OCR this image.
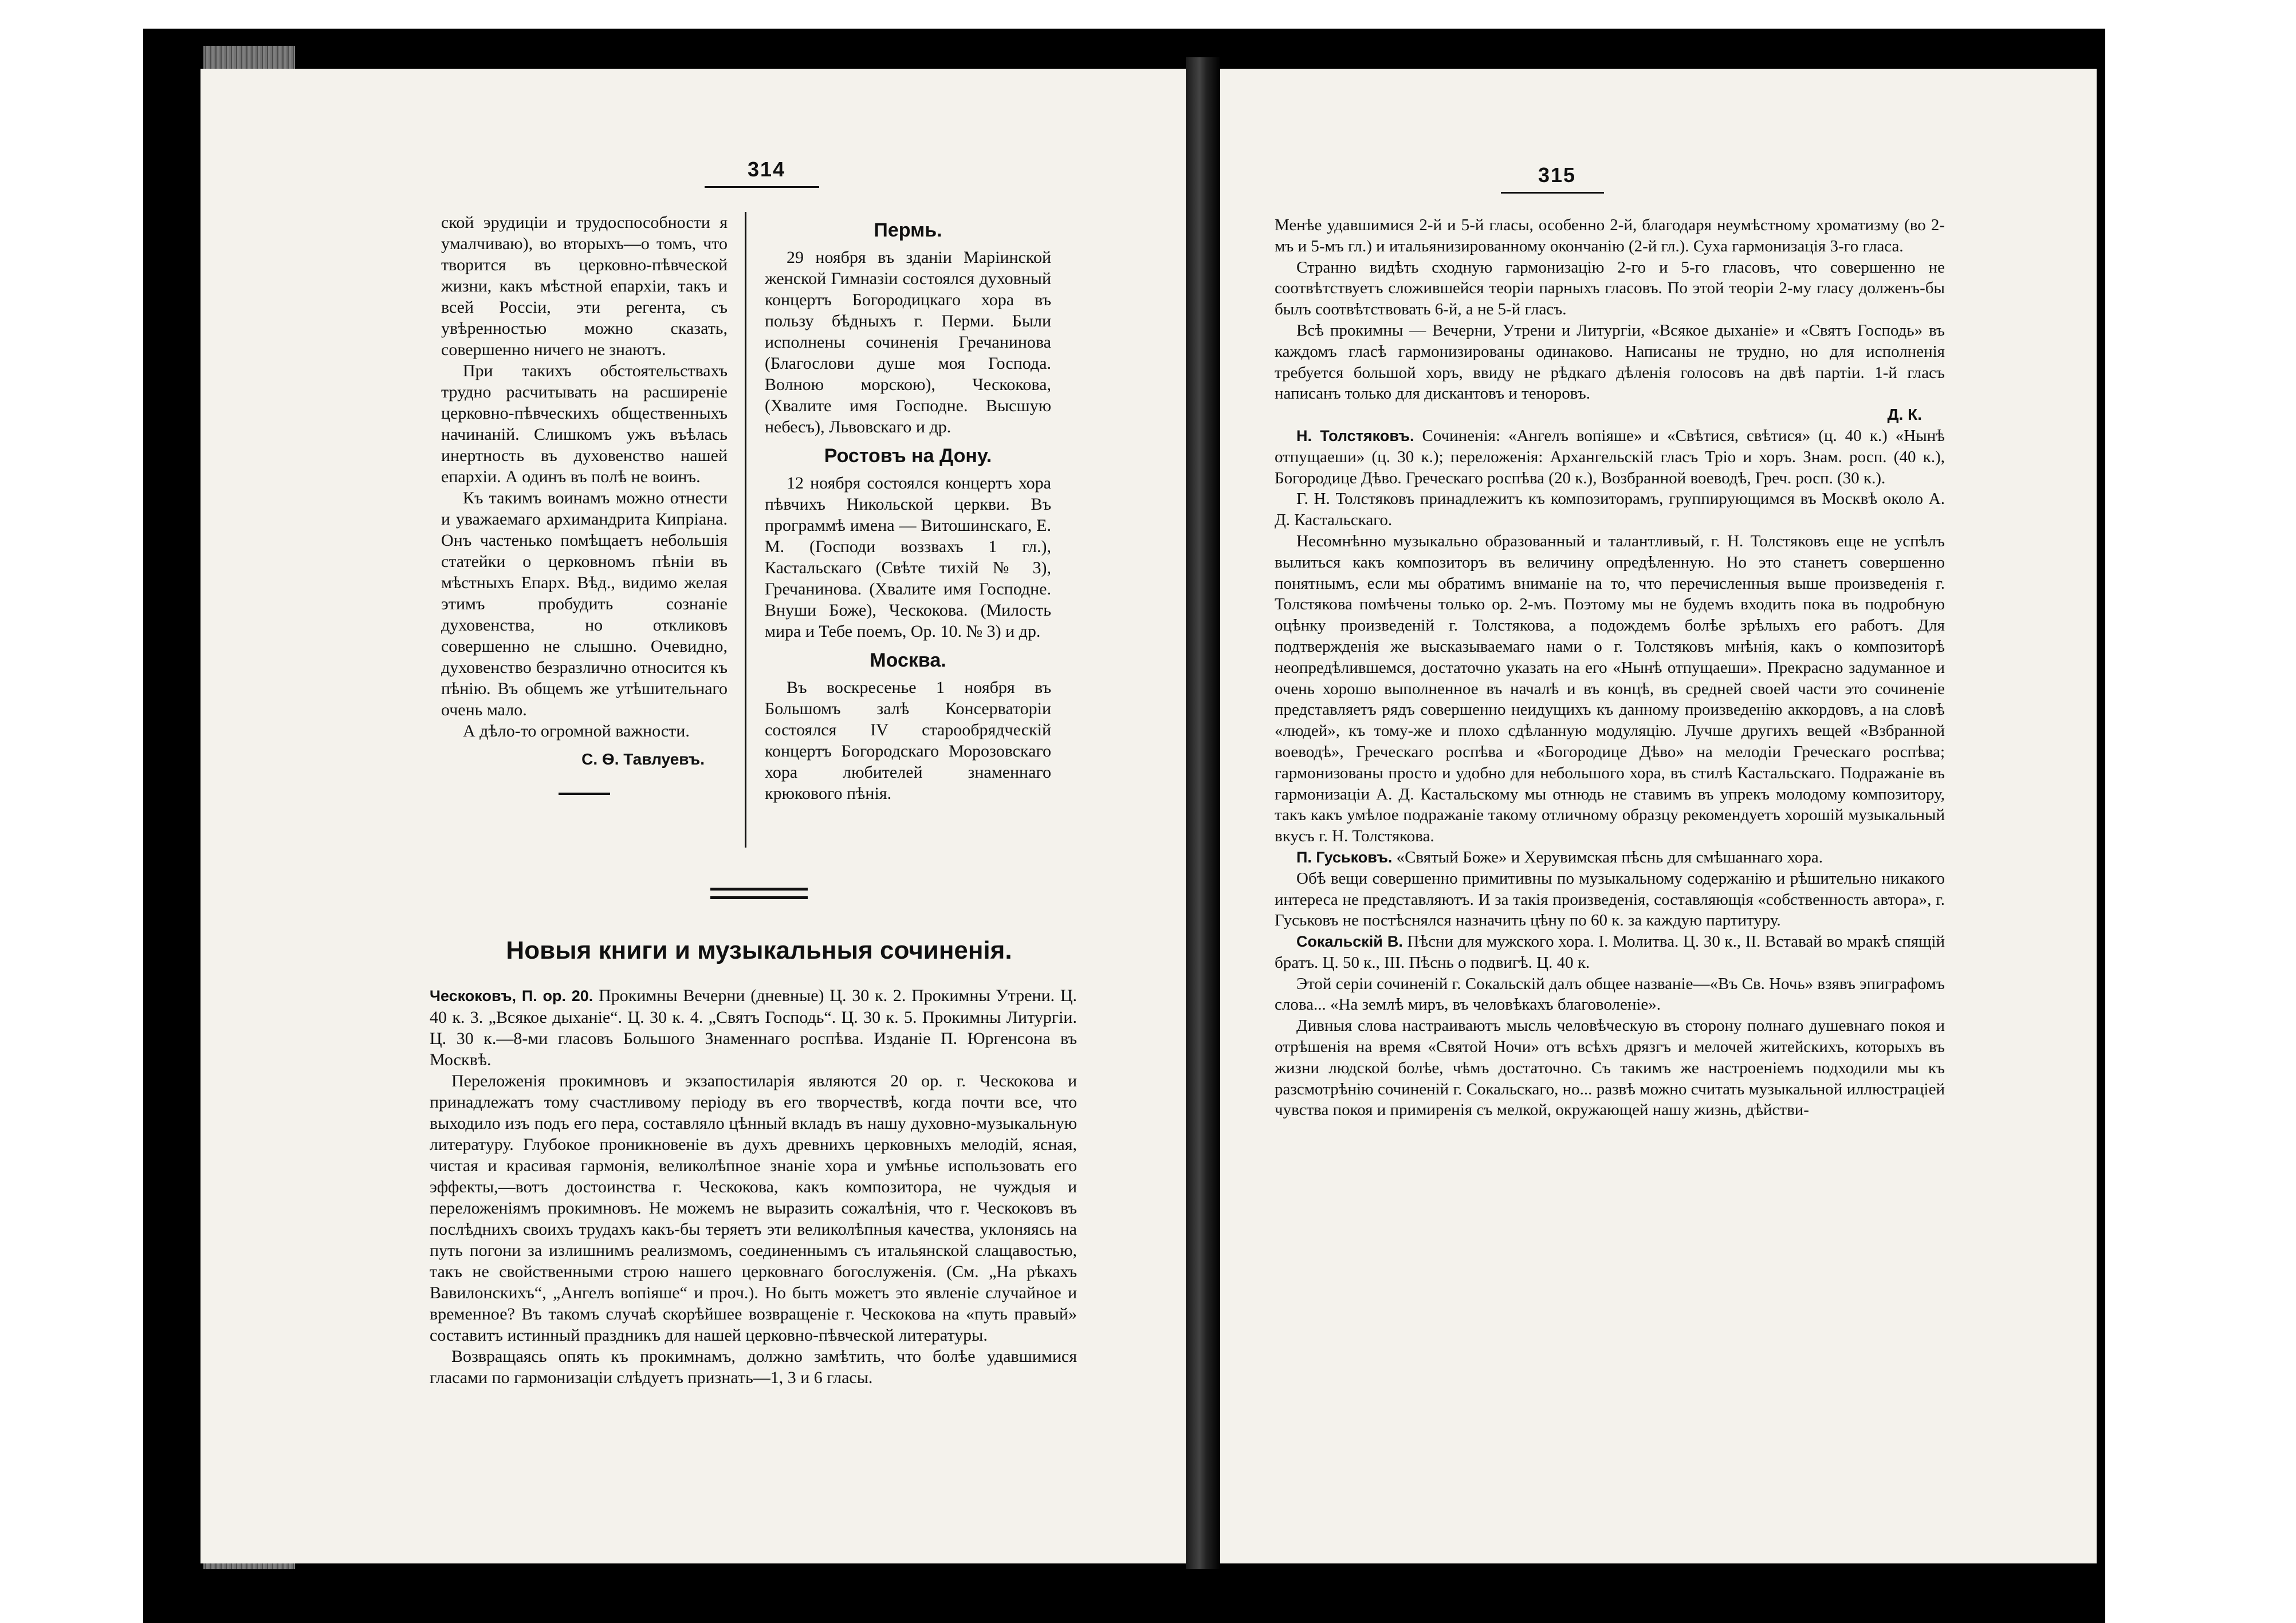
314

ской эрудиціи и трудоспособности я умалчиваю), во вторыхъ—о томъ, что творится въ церковно-пѣвческой жизни, какъ мѣстной епархіи, такъ и всей Россіи, эти регента, съ увѣренностью можно сказать, совершенно ничего не знаютъ.

При такихъ обстоятельствахъ трудно расчитывать на расширеніе церковно-пѣвческихъ общественныхъ начинаній. Слишкомъ ужъ въѣлась инертность въ духовенство нашей епархіи. А одинъ въ полѣ не воинъ.

Къ такимъ воинамъ можно отнести и уважаемаго архимандрита Кипріана. Онъ частенько помѣщаетъ небольшія статейки о церковномъ пѣніи въ мѣстныхъ Епарх. Вѣд., видимо желая этимъ пробудить сознаніе духовенства, но откликовъ совершенно не слышно. Очевидно, духовенство безразлично относится къ пѣнію. Въ общемъ же утѣшительнаго очень мало.

А дѣло-то огромной важности.

С. Ѳ. Тавлуевъ.
Пермь.

29 ноября въ зданіи Маріинской женской Гимназіи состоялся духовный концертъ Богородицкаго хора въ пользу бѣдныхъ г. Перми. Были исполнены сочиненія Гречанинова (Благослови душе моя Господа. Волною морскою), Ческокова, (Хвалите имя Господне. Высшую небесъ), Львовскаго и др.

Ростовъ на Дону.

12 ноября состоялся концертъ хора пѣвчихъ Никольской церкви. Въ программѣ имена — Витошинскаго, Е. М. (Господи воззвахъ 1 гл.), Кастальскаго (Свѣте тихій № 3), Гречанинова. (Хвалите имя Господне. Внуши Боже), Ческокова. (Милость мира и Тебе поемъ, Ор. 10. № 3) и др.

Москва.

Въ воскресенье 1 ноября въ Большомъ залѣ Консерваторіи состоялся IV старообрядческій концертъ Богородскаго Морозовскаго хора любителей знаменнаго крюкового пѣнія.

Новыя книги и музыкальныя сочиненія.

Ческоковъ, П. ор. 20. Прокимны Вечерни (дневные) Ц. 30 к. 2. Прокимны Утрени. Ц. 40 к. 3. „Всякое дыханіе“. Ц. 30 к. 4. „Святъ Господь“. Ц. 30 к. 5. Прокимны Литургіи. Ц. 30 к.—8-ми гласовъ Большого Знаменнаго роспѣва. Изданіе П. Юргенсона въ Москвѣ.

Переложенія прокимновъ и экзапостиларія являются 20 ор. г. Ческокова и принадлежатъ тому счастливому періоду въ его творчествѣ, когда почти все, что выходило изъ подъ его пера, составляло цѣнный вкладъ въ нашу духовно-музыкальную литературу. Глубокое проникновеніе въ духъ древнихъ церковныхъ мелодій, ясная, чистая и красивая гармонія, великолѣпное знаніе хора и умѣнье использовать его эффекты,—вотъ достоинства г. Ческокова, какъ композитора, не чуждыя и переложеніямъ прокимновъ. Не можемъ не выразить сожалѣнія, что г. Ческоковъ въ послѣднихъ своихъ трудахъ какъ-бы теряетъ эти великолѣпныя качества, уклоняясь на путь погони за излишнимъ реализмомъ, соединеннымъ съ итальянской слащавостью, такъ не свойственными строю нашего церковнаго богослуженія. (См. „На рѣкахъ Вавилонскихъ“, „Ангелъ вопіяше“ и проч.). Но быть можетъ это явленіе случайное и временное? Въ такомъ случаѣ скорѣйшее возвращеніе г. Ческокова на «путь правый» составитъ истинный праздникъ для нашей церковно-пѣвческой литературы.

Возвращаясь опять къ прокимнамъ, должно замѣтить, что болѣе удавшимися гласами по гармонизаціи слѣдуетъ признать—1, 3 и 6 гласы.

315

Менѣе удавшимися 2-й и 5-й гласы, особенно 2-й, благодаря неумѣстному хроматизму (во 2-мъ и 5-мъ гл.) и итальянизированному окончанію (2-й гл.). Суха гармонизація 3-го гласа.

Странно видѣть сходную гармонизацію 2-го и 5-го гласовъ, что совершенно не соотвѣтствуетъ сложившейся теоріи парныхъ гласовъ. По этой теоріи 2-му гласу долженъ-бы былъ соотвѣтствовать 6-й, а не 5-й гласъ.

Всѣ прокимны — Вечерни, Утрени и Литургіи, «Всякое дыханіе» и «Святъ Господь» въ каждомъ гласѣ гармонизированы одинаково. Написаны не трудно, но для исполненія требуется большой хоръ, ввиду не рѣдкаго дѣленія голосовъ на двѣ партіи. 1-й гласъ написанъ только для дискантовъ и теноровъ.

Д. К.

Н. Толстяковъ. Сочиненія: «Ангелъ вопіяше» и «Свѣтися, свѣтися» (ц. 40 к.) «Нынѣ отпущаеши» (ц. 30 к.); переложенія: Архангельскій гласъ Тріо и хоръ. Знам. росп. (40 к.), Богородице Дѣво. Греческаго роспѣва (20 к.), Возбранной воеводѣ, Греч. росп. (30 к.).

Г. Н. Толстяковъ принадлежитъ къ композиторамъ, группирующимся въ Москвѣ около А. Д. Кастальскаго.

Несомнѣнно музыкально образованный и талантливый, г. Н. Толстяковъ еще не успѣлъ вылиться какъ композиторъ въ величину опредѣленную. Но это станетъ совершенно понятнымъ, если мы обратимъ вниманіе на то, что перечисленныя выше произведенія г. Толстякова помѣчены только ор. 2-мъ. Поэтому мы не будемъ входить пока въ подробную оцѣнку произведеній г. Толстякова, а подождемъ болѣе зрѣлыхъ его работъ. Для подтвержденія же высказываемаго нами о г. Толстяковъ мнѣнія, какъ о композиторѣ неопредѣлившемся, достаточно указать на его «Нынѣ отпущаеши». Прекрасно задуманное и очень хорошо выполненное въ началѣ и въ концѣ, въ средней своей части это сочиненіе представляетъ рядъ совершенно неидущихъ къ данному произведенію аккордовъ, а на словѣ «людей», къ тому-же и плохо сдѣланную модуляцію. Лучше другихъ вещей «Взбранной воеводѣ», Греческаго роспѣва и «Богородице Дѣво» на мелодіи Греческаго роспѣва; гармонизованы просто и удобно для небольшого хора, въ стилѣ Кастальскаго. Подражаніе въ гармонизаціи А. Д. Кастальскому мы отнюдь не ставимъ въ упрекъ молодому композитору, такъ какъ умѣлое подражаніе такому отличному образцу рекомендуетъ хорошій музыкальный вкусъ г. Н. Толстякова.

П. Гуськовъ. «Святый Боже» и Херувимская пѣснь для смѣшаннаго хора.

Обѣ вещи совершенно примитивны по музыкальному содержанію и рѣшительно никакого интереса не представляютъ. И за такія произведенія, составляющія «собственность автора», г. Гуськовъ не постѣснялся назначить цѣну по 60 к. за каждую партитуру.

Сокальскій В. Пѣсни для мужского хора. I. Молитва. Ц. 30 к., II. Вставай во мракѣ спящій братъ. Ц. 50 к., III. Пѣснь о подвигѣ. Ц. 40 к.

Этой серіи сочиненій г. Сокальскій далъ общее названіе—«Въ Св. Ночь» взявъ эпиграфомъ слова... «На землѣ миръ, въ человѣкахъ благоволеніе».

Дивныя слова настраиваютъ мысль человѣческую въ сторону полнаго душевнаго покоя и отрѣшенія на время «Святой Ночи» отъ всѣхъ дрязгъ и мелочей житейскихъ, которыхъ въ жизни людской болѣе, чѣмъ достаточно. Съ такимъ же настроеніемъ подходили мы къ разсмотрѣнію сочиненій г. Сокальскаго, но... развѣ можно считать музыкальной иллюстраціей чувства покоя и примиренія съ мелкой, окружающей нашу жизнь, дѣйстви-
